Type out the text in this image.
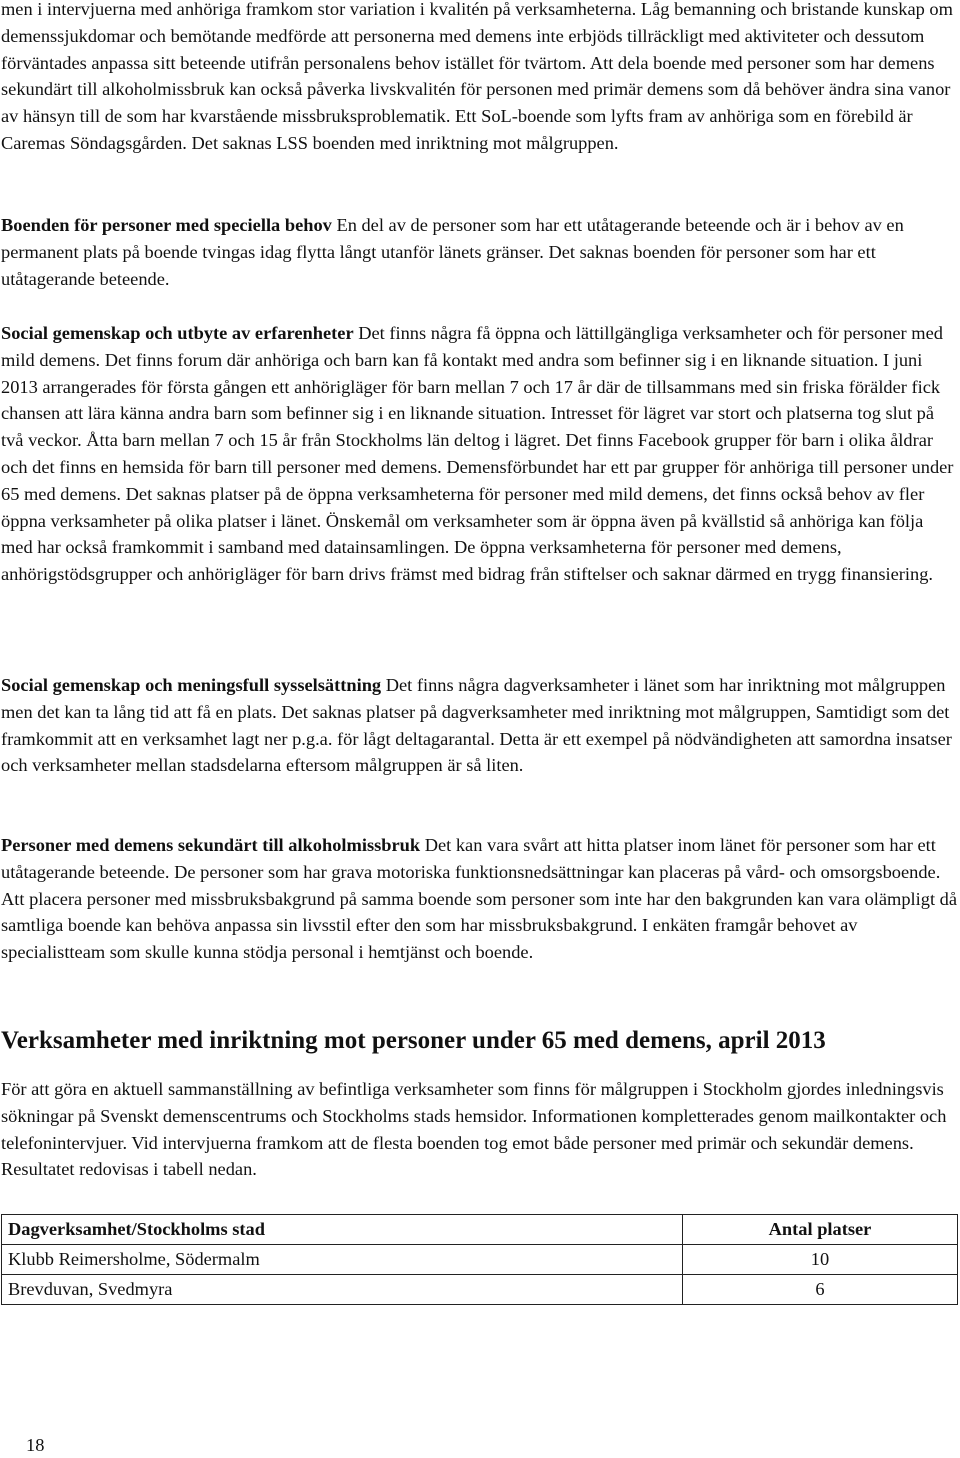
men i intervjuerna med anhöriga framkom stor variation i kvalitén på verksamheterna. Låg bemanning och bristande kunskap om demenssjukdomar och bemötande medförde att personerna med demens inte erbjöds tillräckligt med aktiviteter och dessutom förväntades anpassa sitt beteende utifrån personalens behov istället för tvärtom. Att dela boende med personer som har demens sekundärt till alkoholmissbruk kan också påverka livskvalitén för personen med primär demens som då behöver ändra sina vanor av hänsyn till de som har kvarstående missbruksproblematik. Ett SoL-boende som lyfts fram av anhöriga som en förebild är Caremas Söndagsgården. Det saknas LSS boenden med inriktning mot målgruppen.

Boenden för personer med speciella behov En del av de personer som har ett utåtagerande beteende och är i behov av en permanent plats på boende tvingas idag flytta långt utanför länets gränser. Det saknas boenden för personer som har ett utåtagerande beteende.

Social gemenskap och utbyte av erfarenheter Det finns några få öppna och lättillgängliga verksamheter och för personer med mild demens. Det finns forum där anhöriga och barn kan få kontakt med andra som befinner sig i en liknande situation. I juni 2013 arrangerades för första gången ett anhörigläger för barn mellan 7 och 17 år där de tillsammans med sin friska förälder fick chansen att lära känna andra barn som befinner sig i en liknande situation. Intresset för lägret var stort och platserna tog slut på två veckor. Åtta barn mellan 7 och 15 år från Stockholms län deltog i lägret. Det finns Facebook grupper för barn i olika åldrar och det finns en hemsida för barn till personer med demens. Demensförbundet har ett par grupper för anhöriga till personer under 65 med demens. Det saknas platser på de öppna verksamheterna för personer med mild demens, det finns också behov av fler öppna verksamheter på olika platser i länet. Önskemål om verksamheter som är öppna även på kvällstid så anhöriga kan följa med har också framkommit i samband med datainsamlingen. De öppna verksamheterna för personer med demens, anhörigstödsgrupper och anhörigläger för barn drivs främst med bidrag från stiftelser och saknar därmed en trygg finansiering.

Social gemenskap och meningsfull sysselsättning Det finns några dagverksamheter i länet som har inriktning mot målgruppen men det kan ta lång tid att få en plats. Det saknas platser på dagverksamheter med inriktning mot målgruppen, Samtidigt som det framkommit att en verksamhet lagt ner p.g.a. för lågt deltagarantal. Detta är ett exempel på nödvändigheten att samordna insatser och verksamheter mellan stadsdelarna eftersom målgruppen är så liten.

Personer med demens sekundärt till alkoholmissbruk Det kan vara svårt att hitta platser inom länet för personer som har ett utåtagerande beteende. De personer som har grava motoriska funktionsnedsättningar kan placeras på vård- och omsorgsboende. Att placera personer med missbruksbakgrund på samma boende som personer som inte har den bakgrunden kan vara olämpligt då samtliga boende kan behöva anpassa sin livsstil efter den som har missbruksbakgrund. I enkäten framgår behovet av specialistteam som skulle kunna stödja personal i hemtjänst och boende.

Verksamheter med inriktning mot personer under 65 med demens, april 2013

För att göra en aktuell sammanställning av befintliga verksamheter som finns för målgruppen i Stockholm gjordes inledningsvis sökningar på Svenskt demenscentrums och Stockholms stads hemsidor. Informationen kompletterades genom mailkontakter och telefonintervjuer. Vid intervjuerna framkom att de flesta boenden tog emot både personer med primär och sekundär demens. Resultatet redovisas i tabell nedan.

Dagverksamhet/Stockholms stad	Antal platser
Klubb Reimersholme, Södermalm	10
Brevduvan, Svedmyra	6
18
